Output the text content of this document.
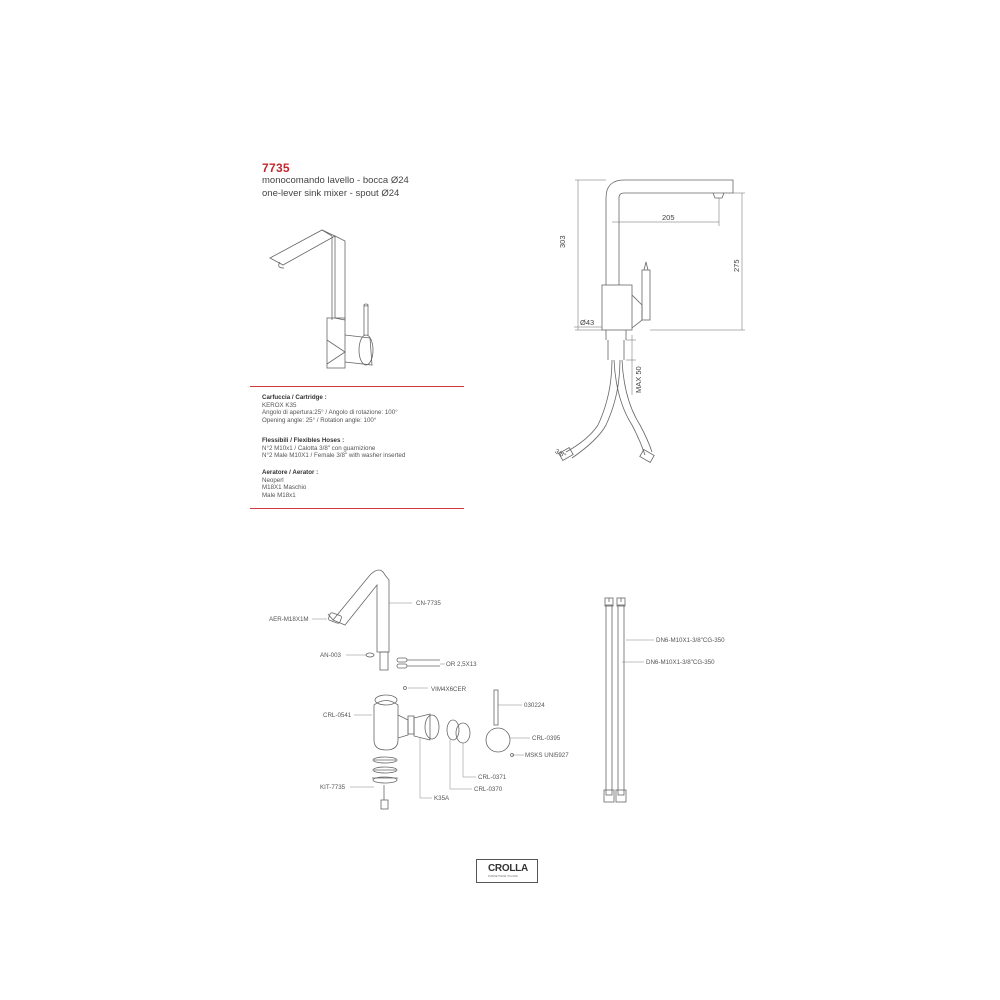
7735
monocomando lavello - bocca Ø24
one-lever sink mixer - spout Ø24
Carfuccia / Cartridge :
KEROX K35
Angolo di apertura:25° / Angolo di rotazione: 100°
Opening angle: 25° / Rotation angle: 100°
Flessibili / Flexibles Hoses :
N°2 M10x1 / Calotta 3/8" con guarnizione
N°2 Male M10X1 / Female 3/8" with washer inserted
Aeratore / Aerator :
Neoperl
M18X1 Maschio
Male M18x1
205
303
275
Ø43
MAX 50
3/8"
AER-M18X1M
CN-7735
AN-003
OR 2,5X13
VIM4X6CER
030224
CRL-0541
CRL-0395
MSKS UNI5927
CRL-0371
CRL-0370
KIT-7735
K35A
DN6-M10X1-3/8"CG-350
DN6-M10X1-3/8"CG-350
CROLLA
RUBINETTERIE ITALIANE
